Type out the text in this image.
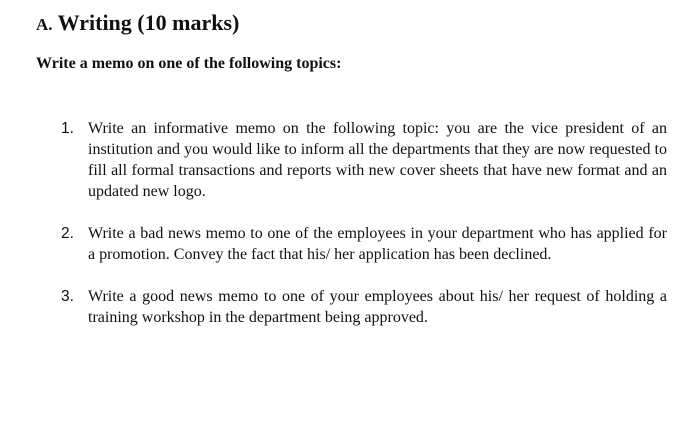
A. Writing (10 marks)

Write a memo on one of the following topics:

1. Write an informative memo on the following topic: you are the vice president of an institution and you would like to inform all the departments that they are now requested to fill all formal transactions and reports with new cover sheets that have new format and an updated new logo.
2. Write a bad news memo to one of the employees in your department who has applied for a promotion. Convey the fact that his/ her application has been declined.
3. Write a good news memo to one of your employees about his/ her request of holding a training workshop in the department being approved.
